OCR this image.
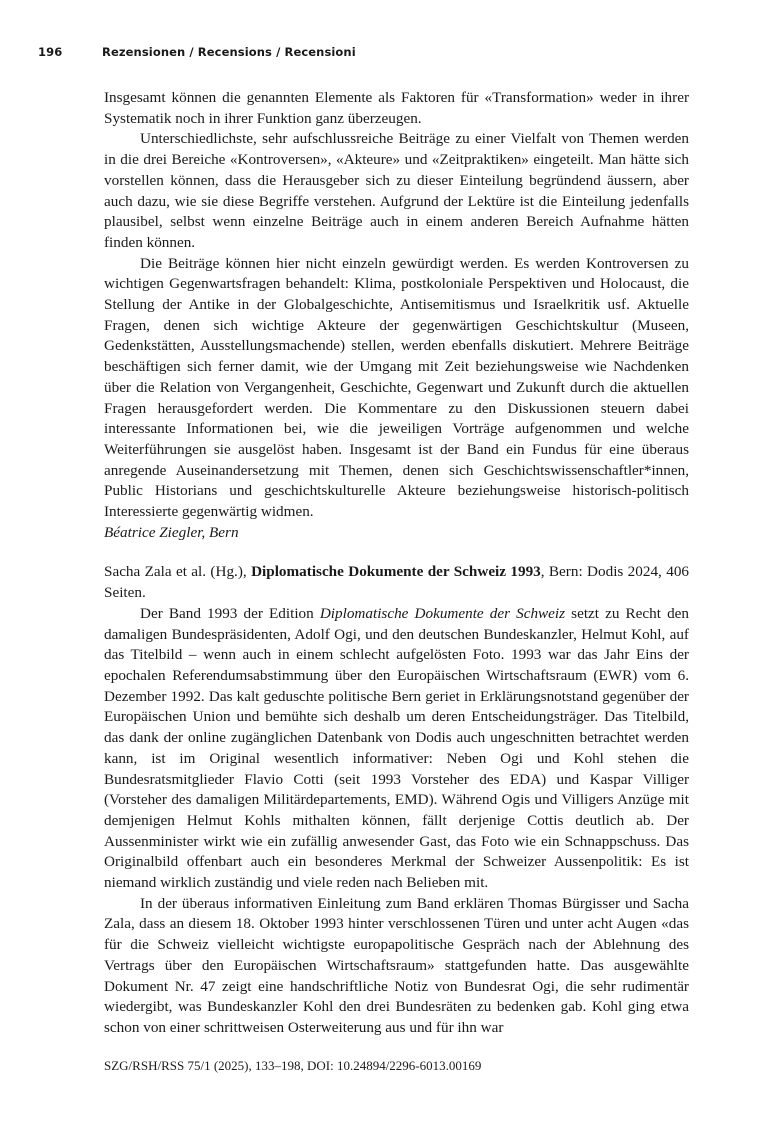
196	Rezensionen / Recensions / Recensioni

Insgesamt können die genannten Elemente als Faktoren für «Transformation» weder in ihrer Systematik noch in ihrer Funktion ganz überzeugen.

Unterschiedlichste, sehr aufschlussreiche Beiträge zu einer Vielfalt von Themen werden in die drei Bereiche «Kontroversen», «Akteure» und «Zeitpraktiken» eingeteilt. Man hätte sich vorstellen können, dass die Herausgeber sich zu dieser Einteilung begründend äussern, aber auch dazu, wie sie diese Begriffe verstehen. Aufgrund der Lektüre ist die Einteilung jedenfalls plausibel, selbst wenn einzelne Beiträge auch in einem anderen Bereich Aufnahme hätten finden können.

Die Beiträge können hier nicht einzeln gewürdigt werden. Es werden Kontroversen zu wichtigen Gegenwartsfragen behandelt: Klima, postkoloniale Perspektiven und Holocaust, die Stellung der Antike in der Globalgeschichte, Antisemitismus und Israelkritik usf. Aktuelle Fragen, denen sich wichtige Akteure der gegenwärtigen Geschichtskultur (Museen, Gedenkstätten, Ausstellungsmachende) stellen, werden ebenfalls diskutiert. Mehrere Beiträge beschäftigen sich ferner damit, wie der Umgang mit Zeit beziehungsweise wie Nachdenken über die Relation von Vergangenheit, Geschichte, Gegenwart und Zukunft durch die aktuellen Fragen herausgefordert werden. Die Kommentare zu den Diskussionen steuern dabei interessante Informationen bei, wie die jeweiligen Vorträge aufgenommen und welche Weiterführungen sie ausgelöst haben. Insgesamt ist der Band ein Fundus für eine überaus anregende Auseinandersetzung mit Themen, denen sich Geschichtswissenschaftler*innen, Public Historians und geschichtskulturelle Akteure beziehungsweise historisch-politisch Interessierte gegenwärtig widmen.

Béatrice Ziegler, Bern

Sacha Zala et al. (Hg.), Diplomatische Dokumente der Schweiz 1993, Bern: Dodis 2024, 406 Seiten.

Der Band 1993 der Edition Diplomatische Dokumente der Schweiz setzt zu Recht den damaligen Bundespräsidenten, Adolf Ogi, und den deutschen Bundeskanzler, Helmut Kohl, auf das Titelbild – wenn auch in einem schlecht aufgelösten Foto. 1993 war das Jahr Eins der epochalen Referendumsabstimmung über den Europäischen Wirtschaftsraum (EWR) vom 6. Dezember 1992. Das kalt geduschte politische Bern geriet in Erklärungsnotstand gegenüber der Europäischen Union und bemühte sich deshalb um deren Entscheidungsträger. Das Titelbild, das dank der online zugänglichen Datenbank von Dodis auch ungeschnitten betrachtet werden kann, ist im Original wesentlich informativer: Neben Ogi und Kohl stehen die Bundesratsmitglieder Flavio Cotti (seit 1993 Vorsteher des EDA) und Kaspar Villiger (Vorsteher des damaligen Militärdepartements, EMD). Während Ogis und Villigers Anzüge mit demjenigen Helmut Kohls mithalten können, fällt derjenige Cottis deutlich ab. Der Aussenminister wirkt wie ein zufällig anwesender Gast, das Foto wie ein Schnappschuss. Das Originalbild offenbart auch ein besonderes Merkmal der Schweizer Aussenpolitik: Es ist niemand wirklich zuständig und viele reden nach Belieben mit.

In der überaus informativen Einleitung zum Band erklären Thomas Bürgisser und Sacha Zala, dass an diesem 18. Oktober 1993 hinter verschlossenen Türen und unter acht Augen «das für die Schweiz vielleicht wichtigste europapolitische Gespräch nach der Ablehnung des Vertrags über den Europäischen Wirtschaftsraum» stattgefunden hatte. Das ausgewählte Dokument Nr. 47 zeigt eine handschriftliche Notiz von Bundesrat Ogi, die sehr rudimentär wiedergibt, was Bundeskanzler Kohl den drei Bundesräten zu bedenken gab. Kohl ging etwa schon von einer schrittweisen Osterweiterung aus und für ihn war

SZG/RSH/RSS 75/1 (2025), 133–198, DOI: 10.24894/2296-6013.00169
